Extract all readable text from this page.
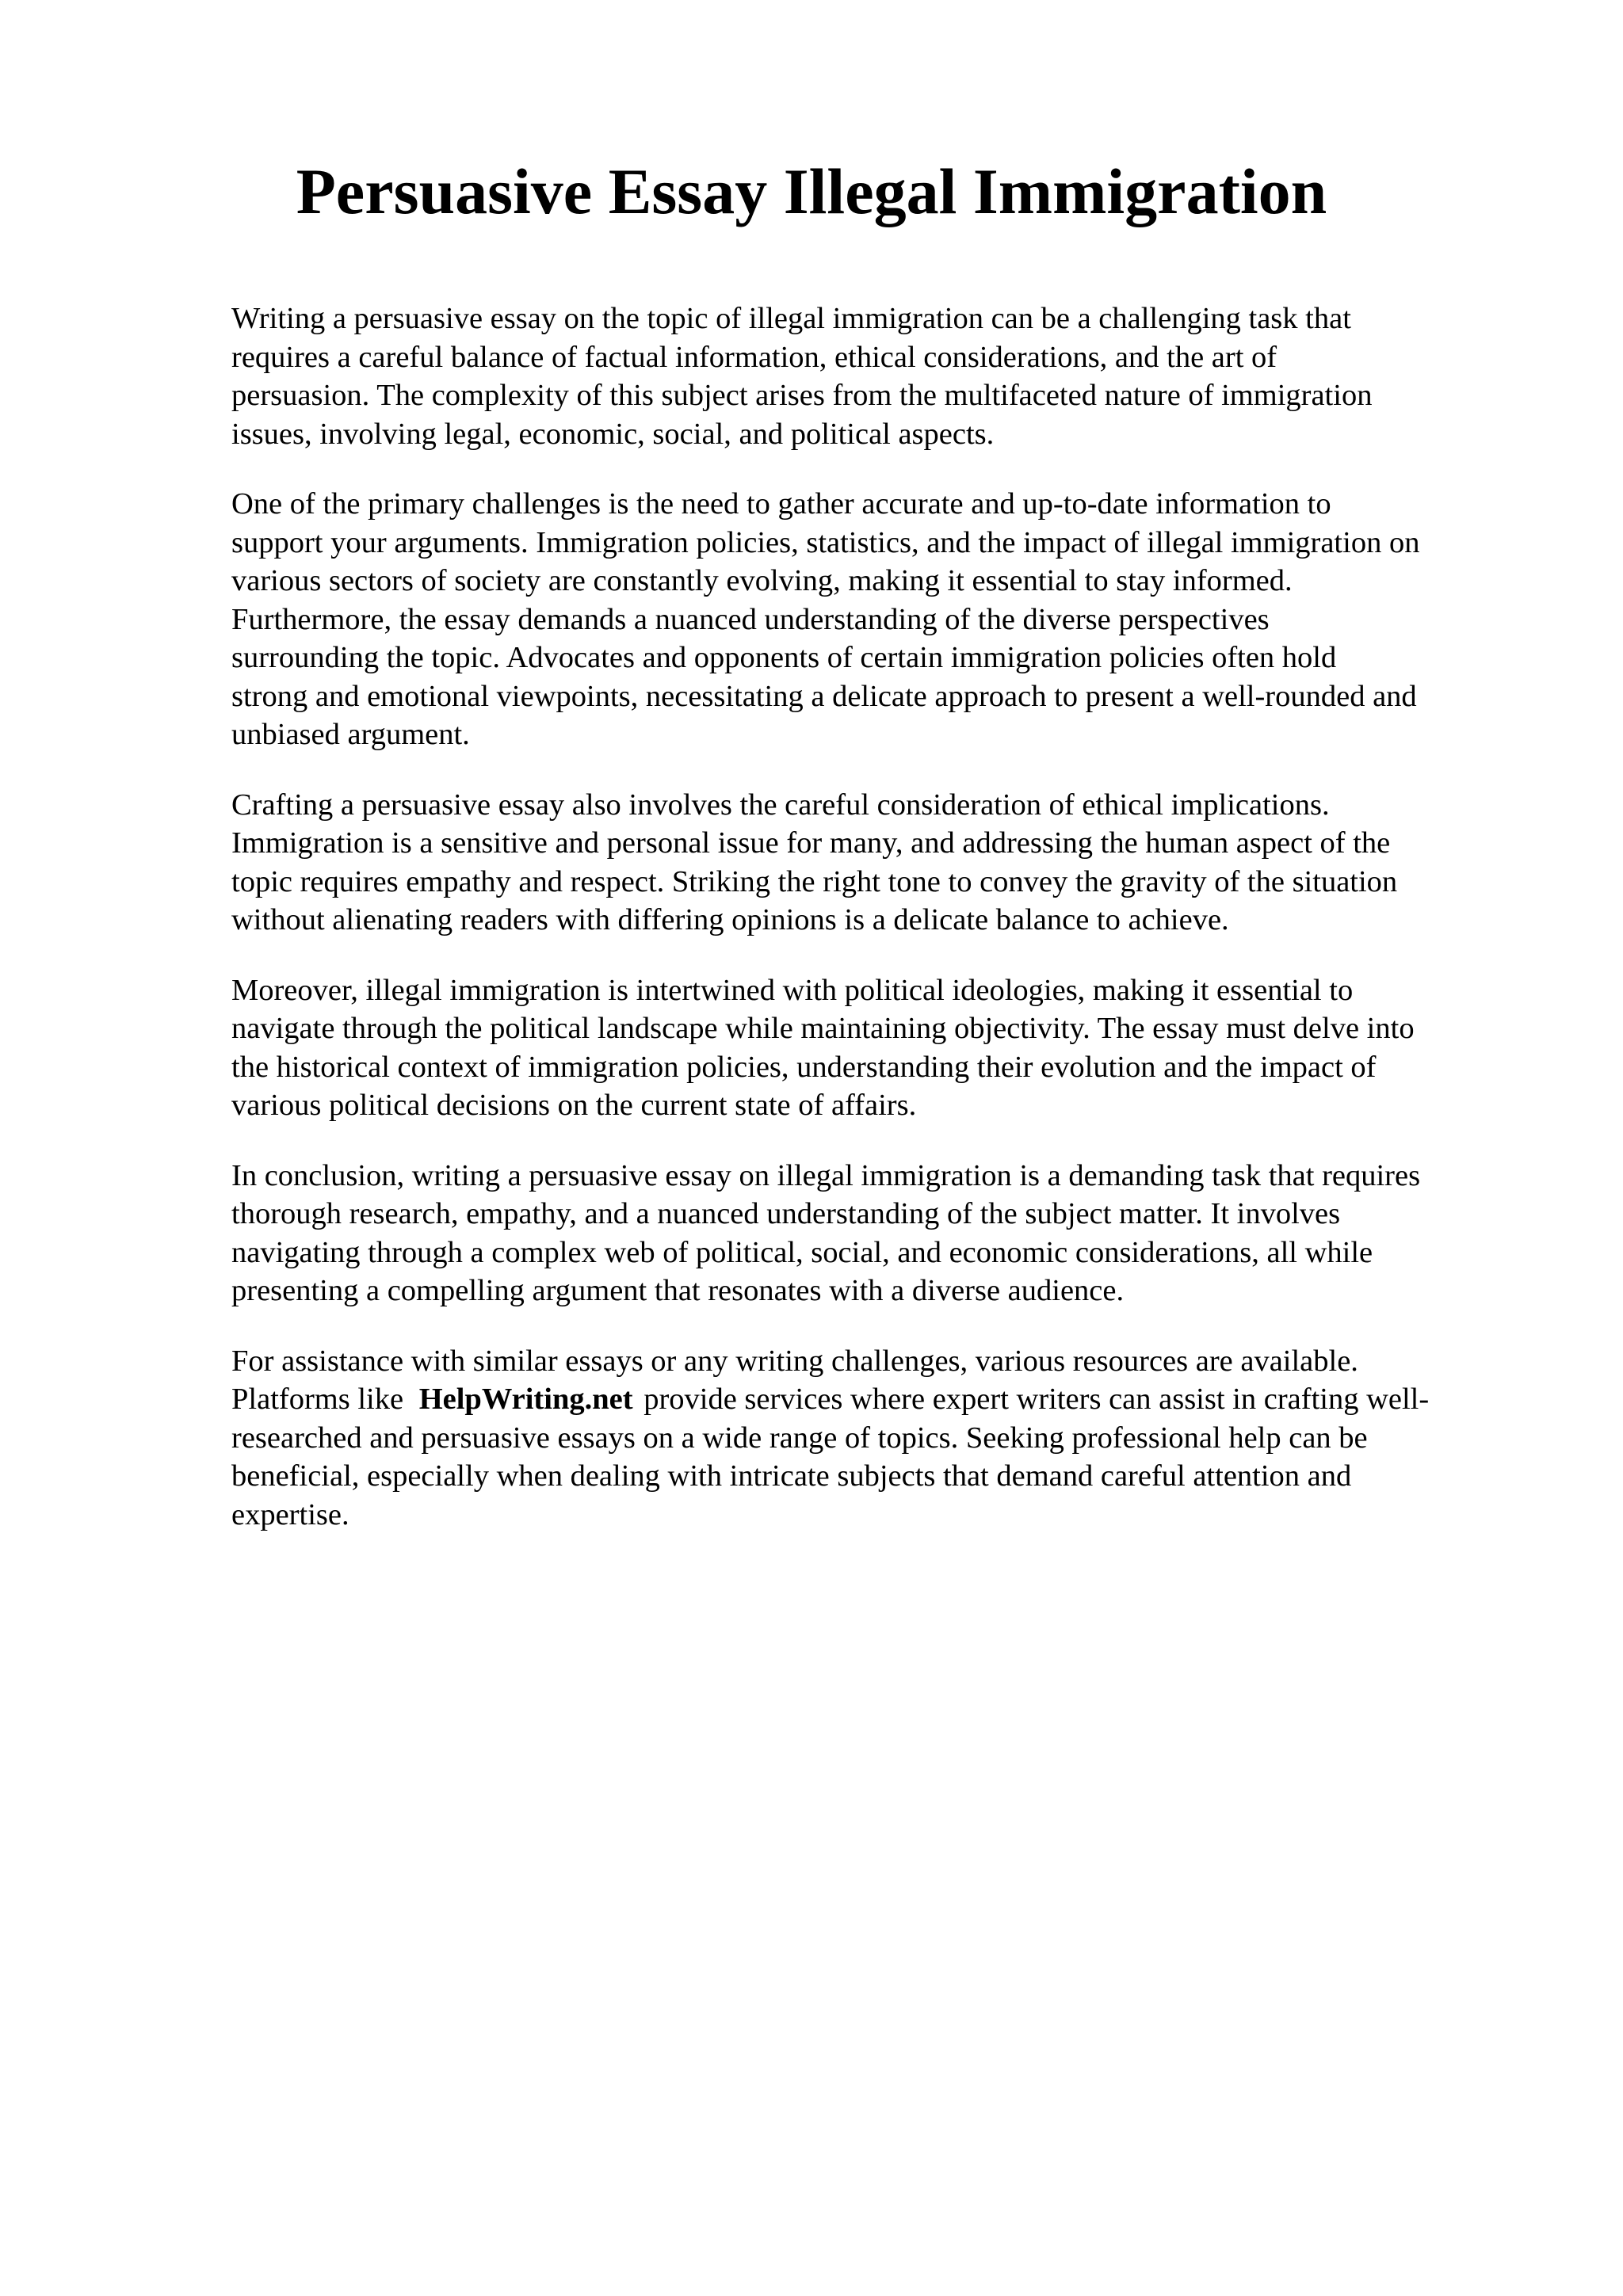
Persuasive Essay Illegal Immigration

Writing a persuasive essay on the topic of illegal immigration can be a challenging task that
requires a careful balance of factual information, ethical considerations, and the art of
persuasion. The complexity of this subject arises from the multifaceted nature of immigration
issues, involving legal, economic, social, and political aspects.

One of the primary challenges is the need to gather accurate and up-to-date information to
support your arguments. Immigration policies, statistics, and the impact of illegal immigration on
various sectors of society are constantly evolving, making it essential to stay informed.
Furthermore, the essay demands a nuanced understanding of the diverse perspectives
surrounding the topic. Advocates and opponents of certain immigration policies often hold
strong and emotional viewpoints, necessitating a delicate approach to present a well-rounded and
unbiased argument.

Crafting a persuasive essay also involves the careful consideration of ethical implications.
Immigration is a sensitive and personal issue for many, and addressing the human aspect of the
topic requires empathy and respect. Striking the right tone to convey the gravity of the situation
without alienating readers with differing opinions is a delicate balance to achieve.

Moreover, illegal immigration is intertwined with political ideologies, making it essential to
navigate through the political landscape while maintaining objectivity. The essay must delve into
the historical context of immigration policies, understanding their evolution and the impact of
various political decisions on the current state of affairs.

In conclusion, writing a persuasive essay on illegal immigration is a demanding task that requires
thorough research, empathy, and a nuanced understanding of the subject matter. It involves
navigating through a complex web of political, social, and economic considerations, all while
presenting a compelling argument that resonates with a diverse audience.

For assistance with similar essays or any writing challenges, various resources are available.
Platforms like HelpWriting.net provide services where expert writers can assist in crafting well-
researched and persuasive essays on a wide range of topics. Seeking professional help can be
beneficial, especially when dealing with intricate subjects that demand careful attention and
expertise.
